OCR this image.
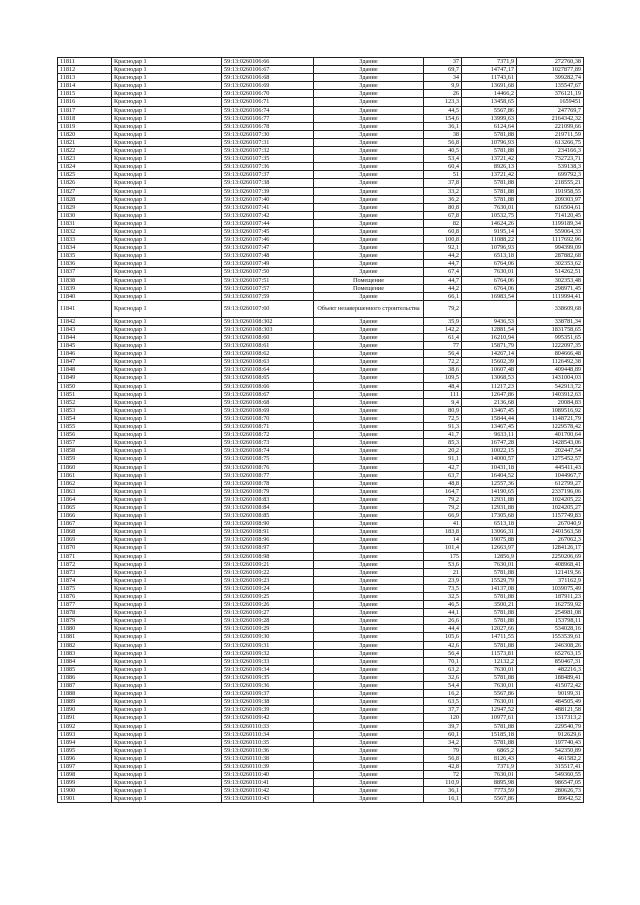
11811	Краснодар 1	59:13:0260106:66	Здание	37	7371,9	272760,38
11812	Краснодар 1	59:13:0260106:67	Здание	69,7	14747,17	1027877,89
11813	Краснодар 1	59:13:0260106:68	Здание	34	11743,61	399282,74
11814	Краснодар 1	59:13:0260106:69	Здание	9,9	13691,68	135547,67
11815	Краснодар 1	59:13:0260106:70	Здание	26	14466,2	376121,19
11816	Краснодар 1	59:13:0260106:71	Здание	123,3	13458,65	1659451
11817	Краснодар 1	59:13:0260106:74	Здание	44,5	5567,86	247769,7
11818	Краснодар 1	59:13:0260106:77	Здание	154,6	13999,63	2164342,32
11819	Краснодар 1	59:13:0260106:78	Здание	36,1	6124,64	221099,66
11820	Краснодар 1	59:13:0260107:30	Здание	38	5781,88	219711,59
11821	Краснодар 1	59:13:0260107:31	Здание	56,8	10796,93	613266,75
11822	Краснодар 1	59:13:0260107:32	Здание	40,5	5781,88	234166,3
11823	Краснодар 1	59:13:0260107:35	Здание	53,4	13721,42	732723,71
11824	Краснодар 1	59:13:0260107:36	Здание	60,4	8926,13	539138,3
11825	Краснодар 1	59:13:0260107:37	Здание	51	13721,42	699792,3
11826	Краснодар 1	59:13:0260107:38	Здание	37,8	5781,88	218555,21
11827	Краснодар 1	59:13:0260107:39	Здание	33,2	5781,88	191958,55
11828	Краснодар 1	59:13:0260107:40	Здание	36,2	5781,88	209303,97
11829	Краснодар 1	59:13:0260107:41	Здание	80,8	7630,01	616504,61
11830	Краснодар 1	59:13:0260107:42	Здание	67,8	10532,75	714120,45
11831	Краснодар 1	59:13:0260107:44	Здание	82	14624,26	1199189,34
11832	Краснодар 1	59:13:0260107:45	Здание	60,8	9195,14	559064,33
11833	Краснодар 1	59:13:0260107:46	Здание	100,8	11088,22	1117692,96
11834	Краснодар 1	59:13:0260107:47	Здание	92,1	10796,93	994399,09
11835	Краснодар 1	59:13:0260107:48	Здание	44,2	6513,18	287882,68
11836	Краснодар 1	59:13:0260107:49	Здание	44,7	6764,06	302353,62
11837	Краснодар 1	59:13:0260107:50	Здание	67,4	7630,01	514262,51
11838	Краснодар 1	59:13:0260107:51	Помещение	44,7	6764,06	302353,48
11839	Краснодар 1	59:13:0260107:57	Помещение	44,2	6764,06	298971,45
11840	Краснодар 1	59:13:0260107:59	Здание	66,1	16983,54	1119994,41
11841	Краснодар 1	59:13:0260107:60	Объект незавершенного строительства	79,2		338609,68
11842	Краснодар 1	59:13:0260108:302	Здание	35,9	9436,53	338781,34
11843	Краснодар 1	59:13:0260108:303	Здание	142,2	12881,54	1831758,65
11844	Краснодар 1	59:13:0260108:60	Здание	61,4	16210,94	995351,65
11845	Краснодар 1	59:13:0260108:61	Здание	77	15871,79	1222097,35
11846	Краснодар 1	59:13:0260108:62	Здание	56,4	14267,14	804666,48
11847	Краснодар 1	59:13:0260108:63	Здание	72,2	15602,39	1126492,38
11848	Краснодар 1	59:13:0260108:64	Здание	38,6	10607,48	409448,89
11849	Краснодар 1	59:13:0260108:65	Здание	109,5	13068,53	1431004,03
11850	Краснодар 1	59:13:0260108:66	Здание	48,4	11217,23	542913,72
11851	Краснодар 1	59:13:0260108:67	Здание	111	12647,86	1403912,63
11852	Краснодар 1	59:13:0260108:68	Здание	9,4	2136,68	20084,83
11853	Краснодар 1	59:13:0260108:69	Здание	80,9	13467,45	1089516,92
11854	Краснодар 1	59:13:0260108:70	Здание	72,5	15844,44	1148721,79
11855	Краснодар 1	59:13:0260108:71	Здание	91,3	13467,45	1229578,42
11856	Краснодар 1	59:13:0260108:72	Здание	41,7	9633,11	401700,64
11857	Краснодар 1	59:13:0260108:73	Здание	85,3	16747,28	1428543,06
11858	Краснодар 1	59:13:0260108:74	Здание	20,2	10022,15	202447,54
11859	Краснодар 1	59:13:0260108:75	Здание	91,1	14000,57	1275452,57
11860	Краснодар 1	59:13:0260108:76	Здание	42,7	10431,18	445411,43
11861	Краснодар 1	59:13:0260108:77	Здание	63,7	16404,52	1044967,7
11862	Краснодар 1	59:13:0260108:78	Здание	48,8	12557,36	612799,27
11863	Краснодар 1	59:13:0260108:79	Здание	164,7	14190,65	2337196,06
11864	Краснодар 1	59:13:0260108:83	Здание	79,2	12931,88	1024205,22
11865	Краснодар 1	59:13:0260108:84	Здание	79,2	12931,88	1024205,27
11866	Краснодар 1	59:13:0260108:85	Здание	66,9	17305,68	1157749,83
11867	Краснодар 1	59:13:0260108:90	Здание	41	6513,18	267040,9
11868	Краснодар 1	59:13:0260108:91	Здание	183,8	13066,31	2401563,58
11869	Краснодар 1	59:13:0260108:96	Здание	14	19075,88	267062,3
11870	Краснодар 1	59:13:0260108:97	Здание	101,4	12663,97	1284126,17
11871	Краснодар 1	59:13:0260108:98	Здание	175	12856,9	2250206,69
11872	Краснодар 1	59:13:0260109:21	Здание	53,6	7630,01	408968,41
11873	Краснодар 1	59:13:0260109:22	Здание	21	5781,88	121419,56
11874	Краснодар 1	59:13:0260109:23	Здание	23,9	15529,79	371162,9
11875	Краснодар 1	59:13:0260109:24	Здание	73,5	14137,08	1039075,49
11876	Краснодар 1	59:13:0260109:25	Здание	32,5	5781,88	187911,23
11877	Краснодар 1	59:13:0260109:26	Здание	46,5	3500,21	162759,92
11878	Краснодар 1	59:13:0260109:27	Здание	44,1	5781,88	254981,08
11879	Краснодар 1	59:13:0260109:28	Здание	26,6	5781,88	153798,11
11880	Краснодар 1	59:13:0260109:29	Здание	44,4	12027,66	534028,16
11881	Краснодар 1	59:13:0260109:30	Здание	105,6	14711,55	1553539,61
11882	Краснодар 1	59:13:0260109:31	Здание	42,6	5781,88	246308,26
11883	Краснодар 1	59:13:0260109:32	Здание	56,4	11573,81	652763,15
11884	Краснодар 1	59:13:0260109:33	Здание	70,1	12132,2	850467,31
11885	Краснодар 1	59:13:0260109:34	Здание	63,2	7630,01	482216,3
11886	Краснодар 1	59:13:0260109:35	Здание	32,6	5781,88	188489,41
11887	Краснодар 1	59:13:0260109:36	Здание	54,4	7630,01	415072,42
11888	Краснодар 1	59:13:0260109:37	Здание	16,2	5567,86	90199,31
11889	Краснодар 1	59:13:0260109:38	Здание	63,5	7630,01	484505,49
11890	Краснодар 1	59:13:0260109:39	Здание	37,7	12947,52	488121,58
11891	Краснодар 1	59:13:0260109:42	Здание	120	10977,61	1317313,2
11892	Краснодар 1	59:13:0260110:33	Здание	39,7	5781,88	229540,79
11893	Краснодар 1	59:13:0260110:34	Здание	60,1	15185,18	912629,6
11894	Краснодар 1	59:13:0260110:35	Здание	34,2	5781,88	197740,43
11895	Краснодар 1	59:13:0260110:36	Здание	79	6865,2	542350,89
11896	Краснодар 1	59:13:0260110:38	Здание	56,8	8126,43	461582,2
11897	Краснодар 1	59:13:0260110:39	Здание	42,8	7371,9	315517,41
11898	Краснодар 1	59:13:0260110:40	Здание	72	7630,01	549360,55
11899	Краснодар 1	59:13:0260110:41	Здание	110,9	8895,98	986547,05
11900	Краснодар 1	59:13:0260110:42	Здание	36,1	7773,59	280626,73
11901	Краснодар 1	59:13:0260110:43	Здание	16,1	5567,86	89642,52
